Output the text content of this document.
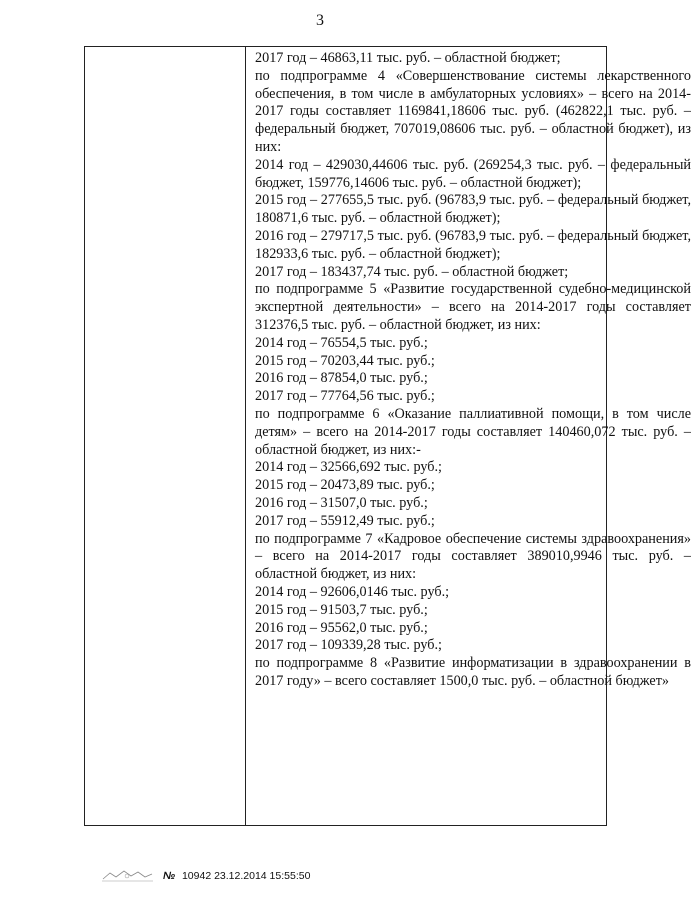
3

2017 год – 46863,11 тыс. руб. – областной бюджет;

по подпрограмме 4 «Совершенствование системы лекарственного обеспечения, в том числе в амбулаторных условиях» – всего на 2014-2017 годы составляет 1169841,18606 тыс. руб. (462822,1 тыс. руб. – федеральный бюджет, 707019,08606 тыс. руб. – областной бюджет), из них:

2014 год – 429030,44606 тыс. руб. (269254,3 тыс. руб. – федеральный бюджет, 159776,14606 тыс. руб. – областной бюджет);

2015 год – 277655,5 тыс. руб. (96783,9 тыс. руб. – федеральный бюджет, 180871,6 тыс. руб. – областной бюджет);

2016 год – 279717,5 тыс. руб. (96783,9 тыс. руб. – федеральный бюджет, 182933,6 тыс. руб. – областной бюджет);

2017 год – 183437,74 тыс. руб. – областной бюджет;

по подпрограмме 5 «Развитие государственной судебно-медицинской экспертной деятельности» – всего на 2014-2017 годы составляет 312376,5 тыс. руб. – областной бюджет, из них:

2014 год – 76554,5 тыс. руб.;

2015 год – 70203,44 тыс. руб.;

2016 год – 87854,0 тыс. руб.;

2017 год – 77764,56 тыс. руб.;

по подпрограмме 6 «Оказание паллиативной помощи, в том числе детям» – всего на 2014-2017 годы составляет 140460,072 тыс. руб. – областной бюджет, из них:-

2014 год – 32566,692 тыс. руб.;

2015 год – 20473,89 тыс. руб.;

2016 год – 31507,0 тыс. руб.;

2017 год – 55912,49 тыс. руб.;

по подпрограмме 7 «Кадровое обеспечение системы здравоохранения» – всего на 2014-2017 годы составляет 389010,9946 тыс. руб. – областной бюджет, из них:

2014 год – 92606,0146 тыс. руб.;

2015 год – 91503,7 тыс. руб.;

2016 год – 95562,0 тыс. руб.;

2017 год – 109339,28 тыс. руб.;

по подпрограмме 8 «Развитие информатизации в здравоохранении в 2017 году» – всего составляет 1500,0 тыс. руб. – областной бюджет»

№ 10942 23.12.2014 15:55:50
